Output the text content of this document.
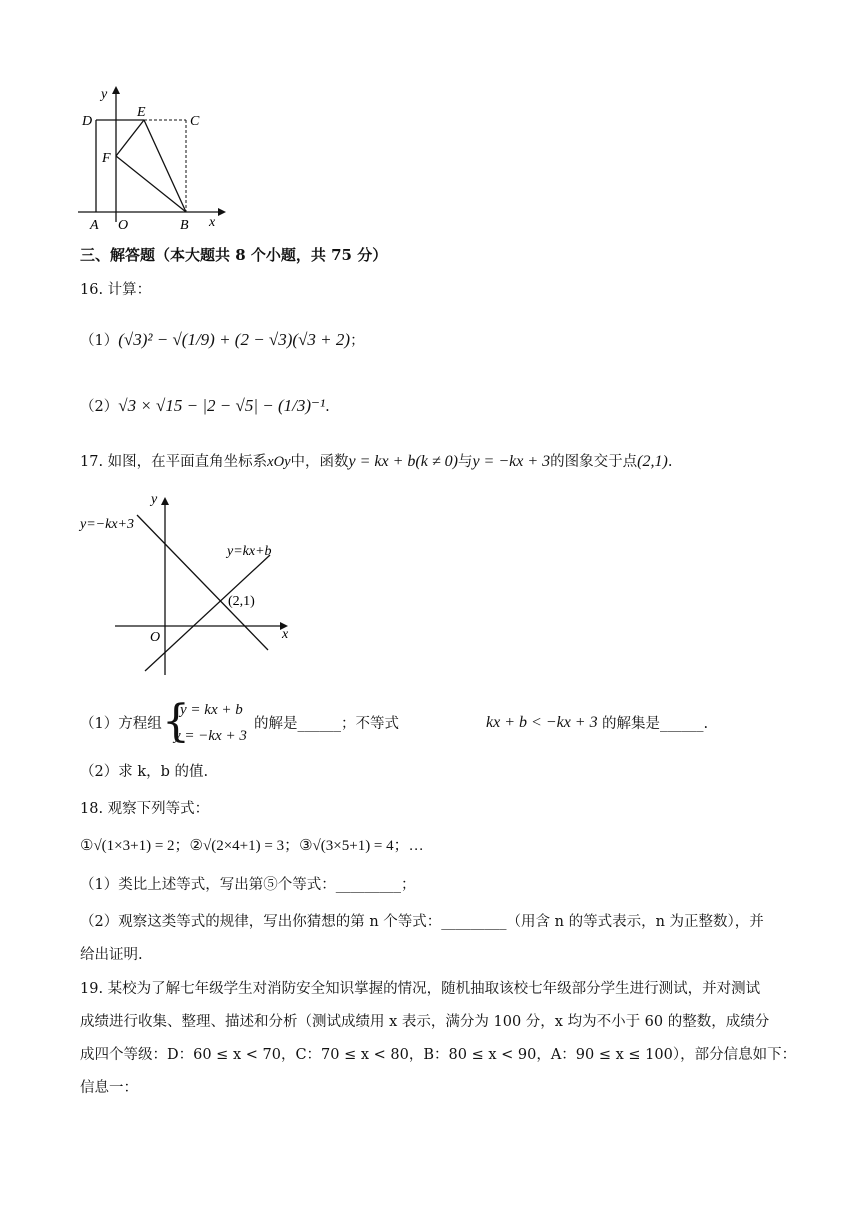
y
D
E
C
F
A O	B x
三、解答题（本大题共 8 个小题，共 75 分）
16. 计算：
（1）(√3)² − √(1/9) + (2 − √3)(√3 + 2)；
（2）√3 × √15 − |2 − √5| − (1/3)⁻¹.
17. 如图，在平面直角坐标系xOy中，函数y = kx + b(k ≠ 0)与y = −kx + 3的图象交于点(2,1).
y
y=−kx+3
y=kx+b
(2,1)
O	x
（1）方程组 {
y = kx + b
y = −kx + 3
的解是______；不等式	kx + b < −kx + 3 的解集是______.
（2）求 k，b 的值.
18. 观察下列等式：
①√(1×3+1) = 2；②√(2×4+1) = 3；③√(3×5+1) = 4；…
（1）类比上述等式，写出第⑤个等式：_________；
（2）观察这类等式的规律，写出你猜想的第 n 个等式：_________（用含 n 的等式表示，n 为正整数），并
给出证明.
19. 某校为了解七年级学生对消防安全知识掌握的情况，随机抽取该校七年级部分学生进行测试，并对测试
成绩进行收集、整理、描述和分析（测试成绩用 x 表示，满分为 100 分，x 均为不小于 60 的整数，成绩分
成四个等级：D：60 ≤ x < 70，C：70 ≤ x < 80，B：80 ≤ x < 90，A：90 ≤ x ≤ 100），部分信息如下：
信息一：
